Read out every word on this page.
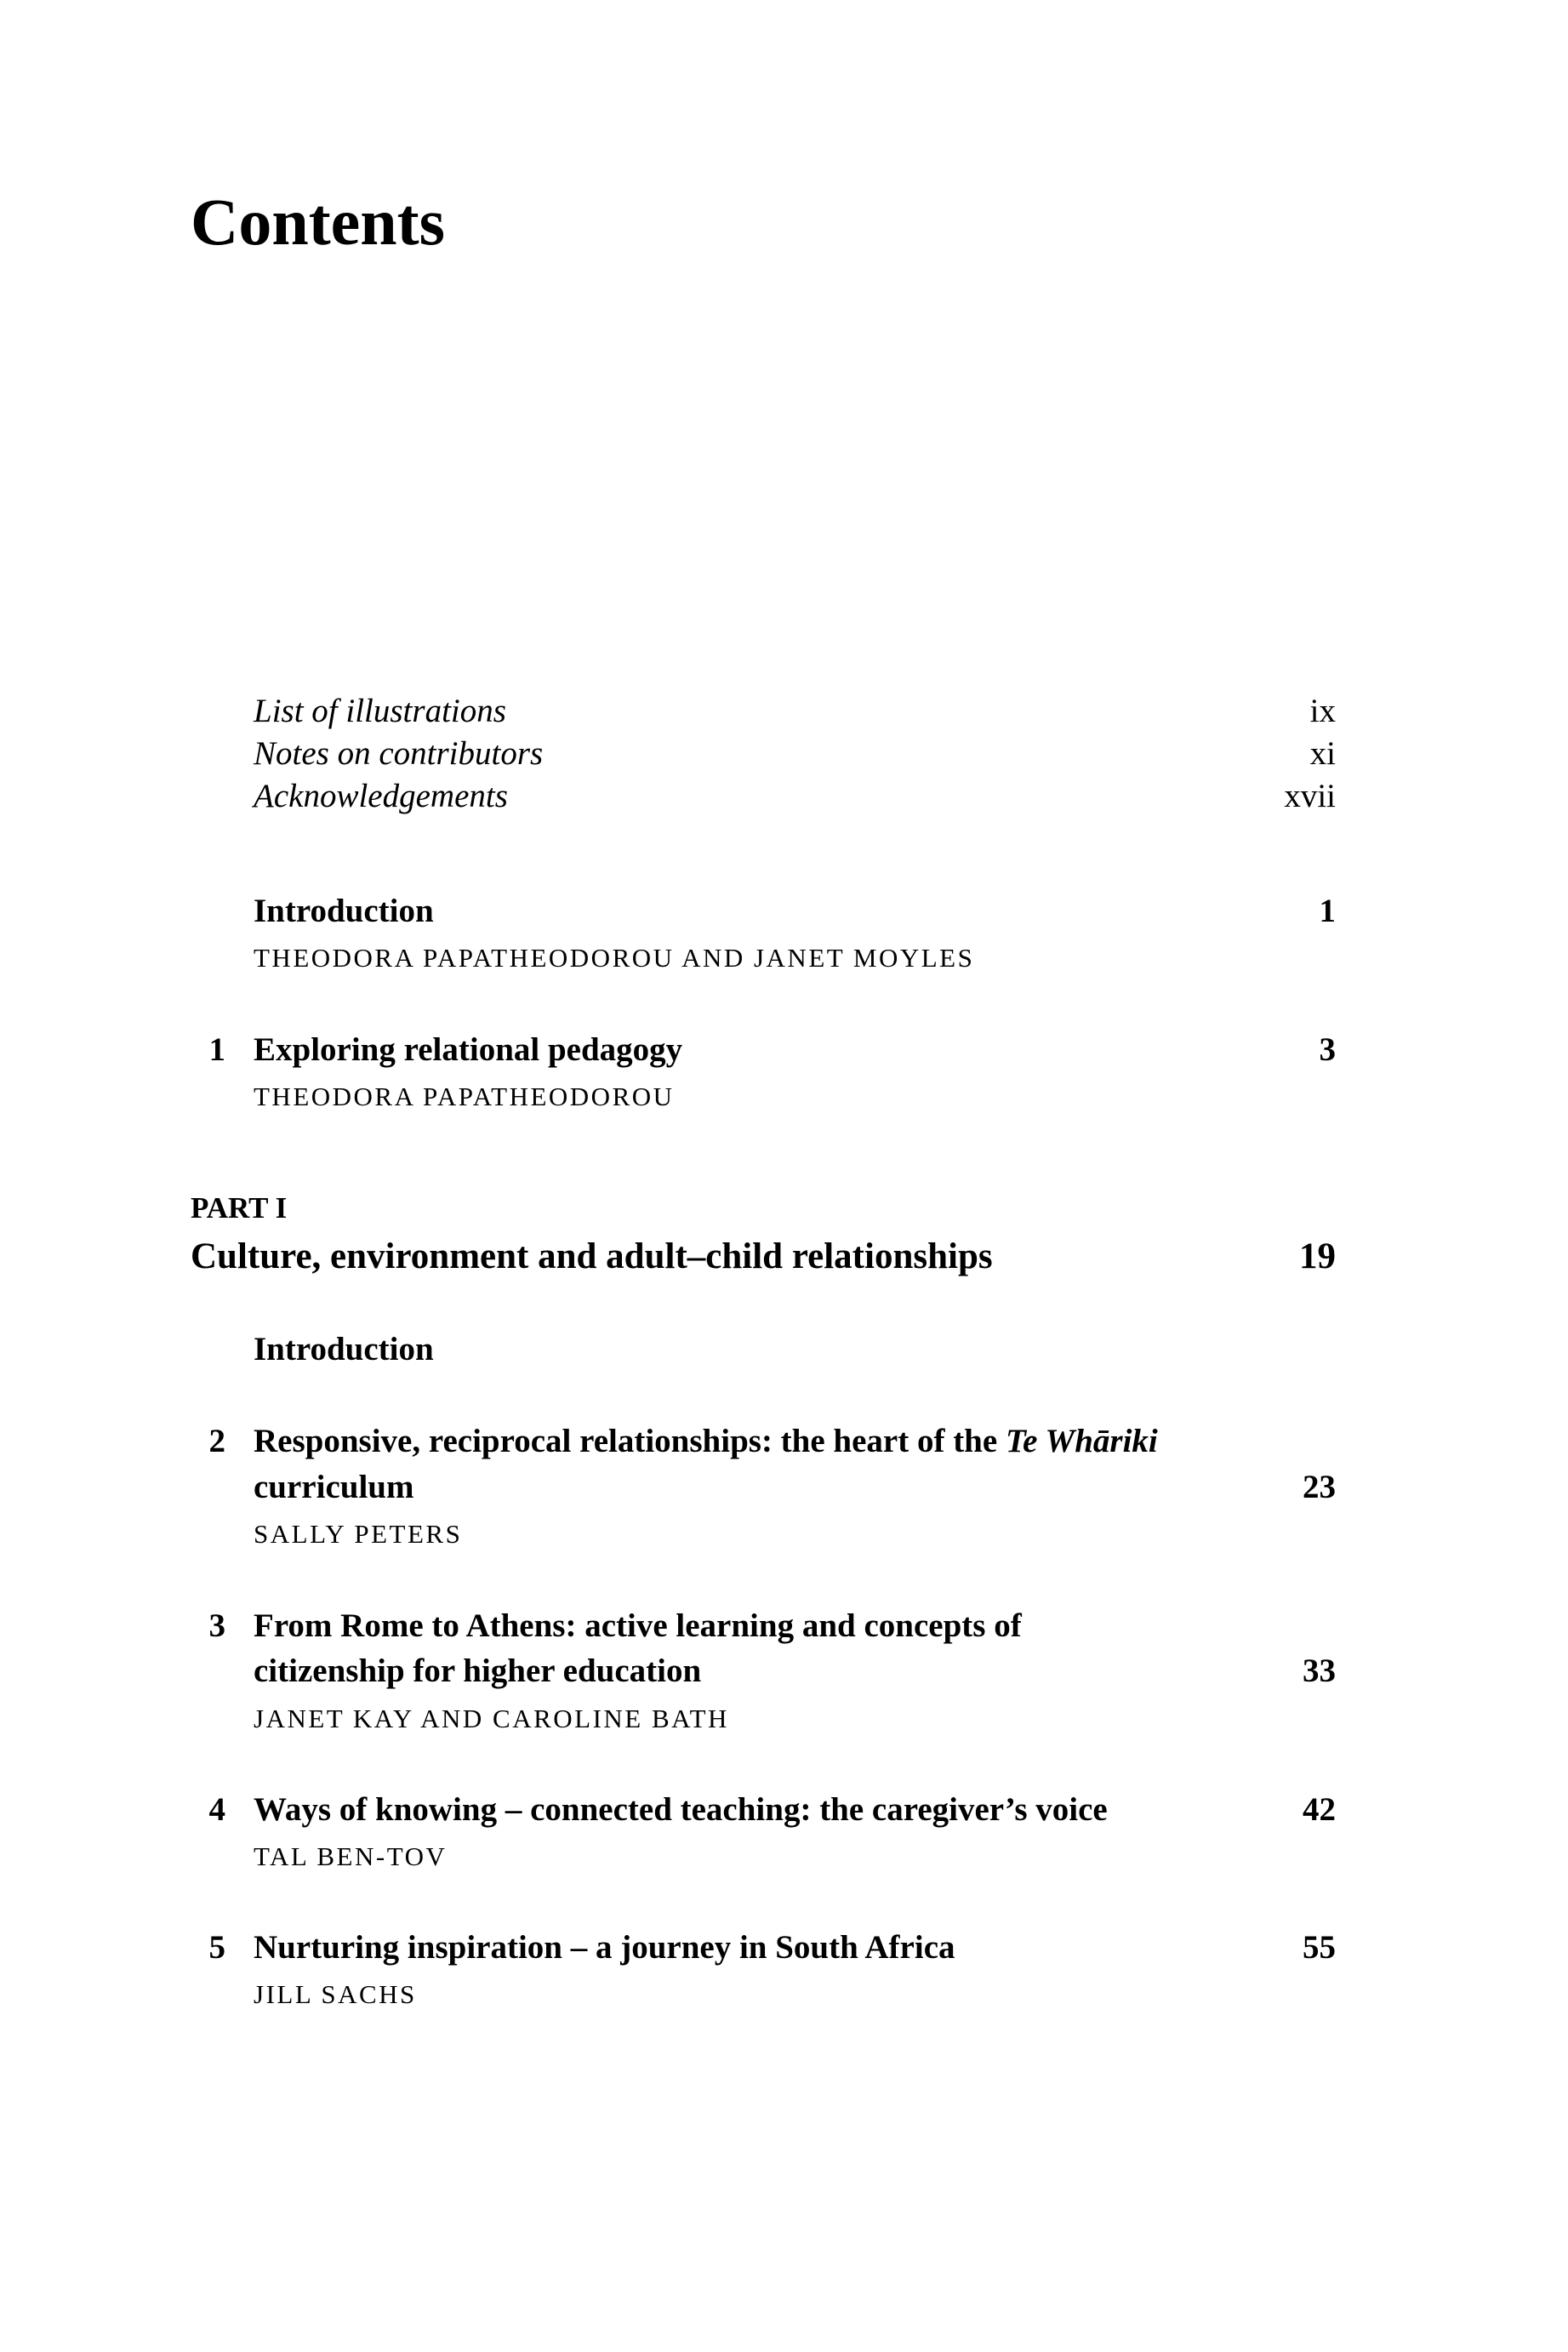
Contents
List of illustrations	ix
Notes on contributors	xi
Acknowledgements	xvii
Introduction	1
THEODORA PAPATHEODOROU AND JANET MOYLES
1 Exploring relational pedagogy	3
THEODORA PAPATHEODOROU
PART I
Culture, environment and adult–child relationships	19
Introduction
2 Responsive, reciprocal relationships: the heart of the Te Whāriki
curriculum	23
SALLY PETERS
3 From Rome to Athens: active learning and concepts of
citizenship for higher education	33
JANET KAY AND CAROLINE BATH
4 Ways of knowing – connected teaching: the caregiver’s voice	42
TAL BEN-TOV
5 Nurturing inspiration – a journey in South Africa	55
JILL SACHS
